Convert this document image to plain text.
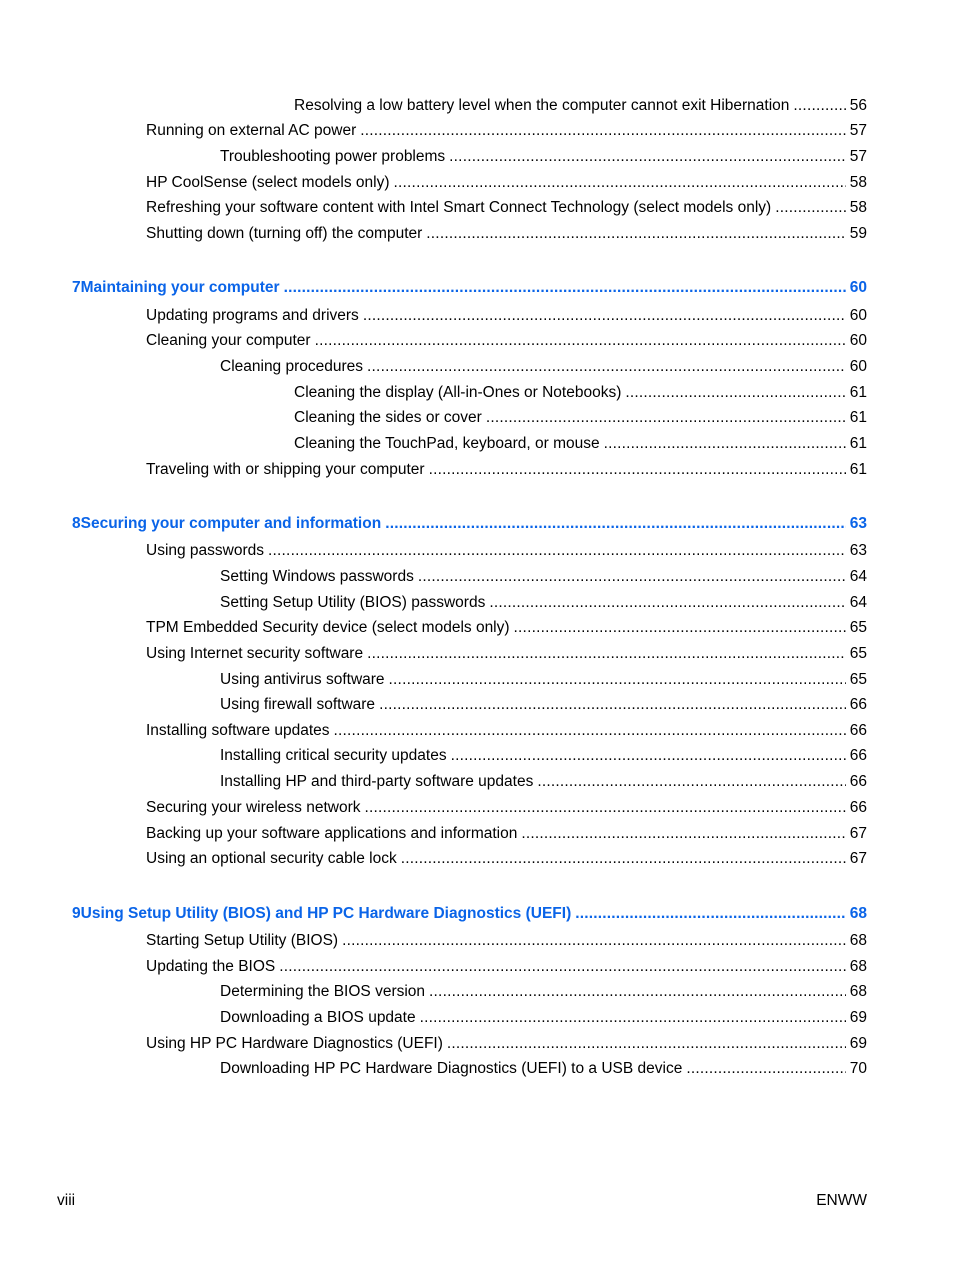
Resolving a low battery level when the computer cannot exit Hibernation .....	56
Running on external AC power .....	57
Troubleshooting power problems .....	57
HP CoolSense (select models only) .....	58
Refreshing your software content with Intel Smart Connect Technology (select models only) .....	58
Shutting down (turning off) the computer .....	59
7 Maintaining your computer .....	60
Updating programs and drivers .....	60
Cleaning your computer .....	60
Cleaning procedures .....	60
Cleaning the display (All-in-Ones or Notebooks) .....	61
Cleaning the sides or cover .....	61
Cleaning the TouchPad, keyboard, or mouse .....	61
Traveling with or shipping your computer .....	61
8 Securing your computer and information .....	63
Using passwords .....	63
Setting Windows passwords .....	64
Setting Setup Utility (BIOS) passwords .....	64
TPM Embedded Security device (select models only) .....	65
Using Internet security software .....	65
Using antivirus software .....	65
Using firewall software .....	66
Installing software updates .....	66
Installing critical security updates .....	66
Installing HP and third-party software updates .....	66
Securing your wireless network .....	66
Backing up your software applications and information .....	67
Using an optional security cable lock .....	67
9 Using Setup Utility (BIOS) and HP PC Hardware Diagnostics (UEFI) .....	68
Starting Setup Utility (BIOS) .....	68
Updating the BIOS .....	68
Determining the BIOS version .....	68
Downloading a BIOS update .....	69
Using HP PC Hardware Diagnostics (UEFI) .....	69
Downloading HP PC Hardware Diagnostics (UEFI) to a USB device .....	70
viii	ENWW
